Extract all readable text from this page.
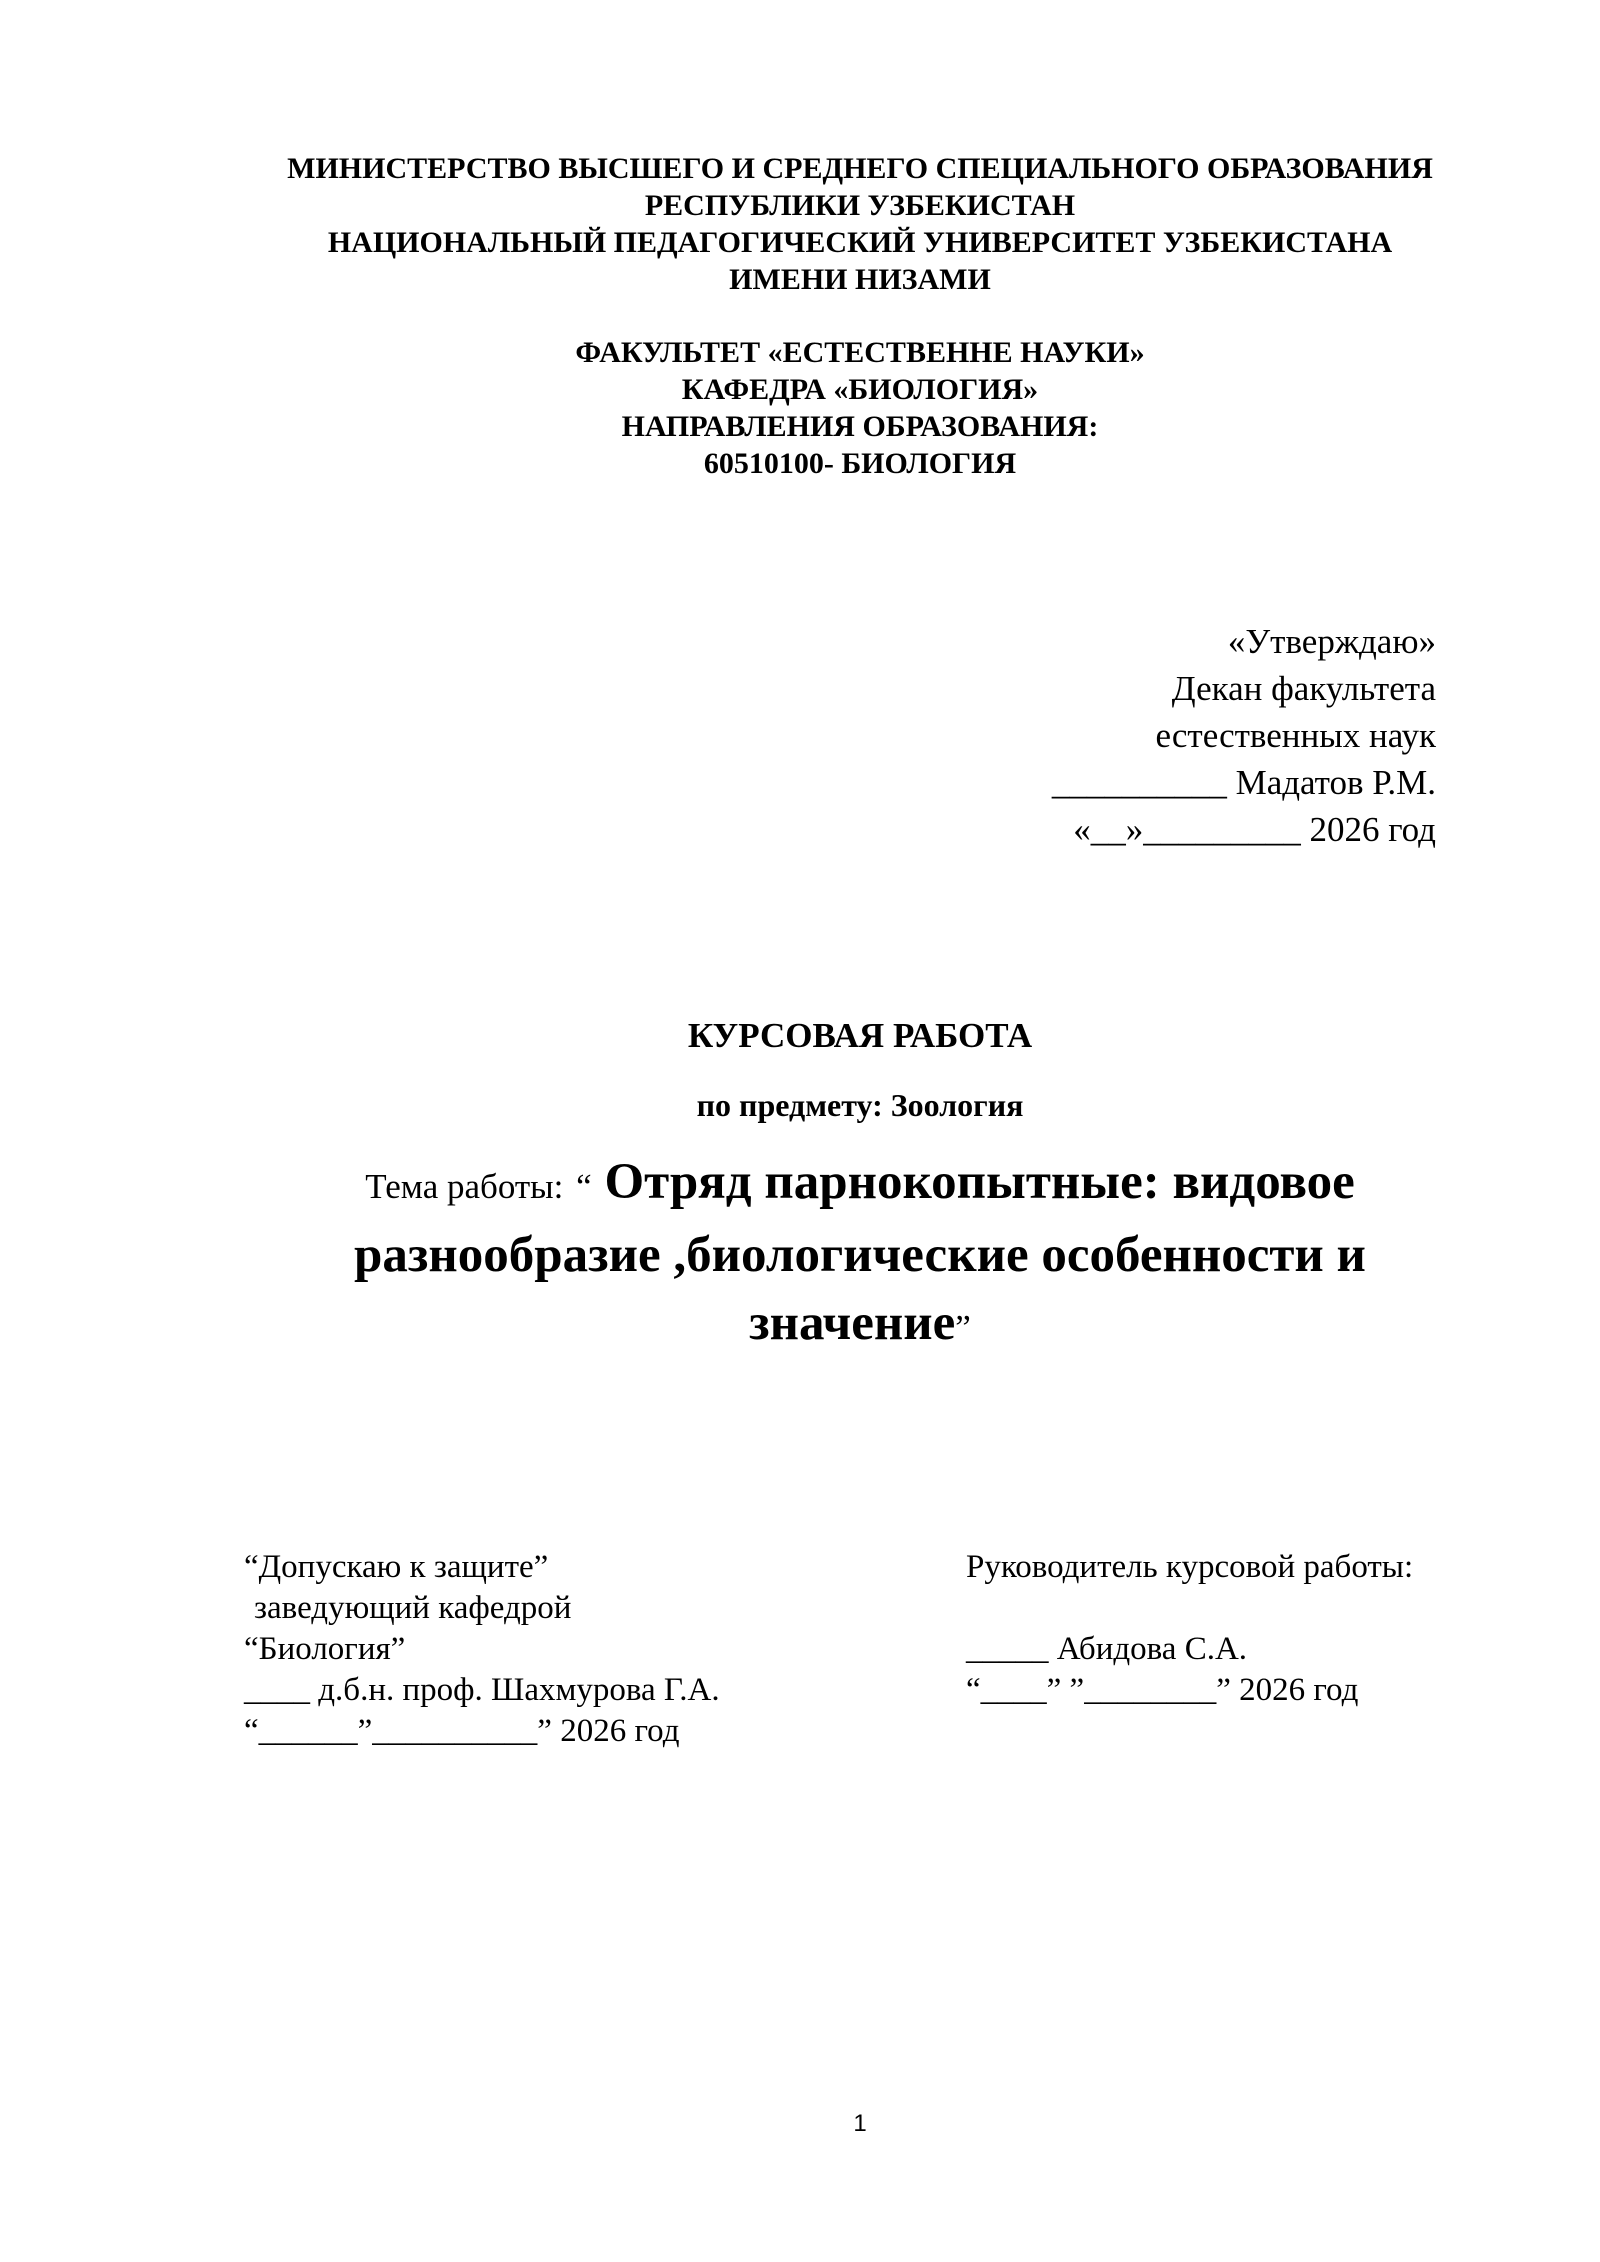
МИНИСТЕРСТВО ВЫСШЕГО И СРЕДНЕГО СПЕЦИАЛЬНОГО ОБРАЗОВАНИЯ
РЕСПУБЛИКИ УЗБЕКИСТАН
НАЦИОНАЛЬНЫЙ ПЕДАГОГИЧЕСКИЙ УНИВЕРСИТЕТ УЗБЕКИСТАНА
ИМЕНИ НИЗАМИ
ФАКУЛЬТЕТ «ЕСТЕСТВЕННЕ НАУКИ»
КАФЕДРА «БИОЛОГИЯ»
НАПРАВЛЕНИЯ ОБРАЗОВАНИЯ:
60510100- БИОЛОГИЯ
«Утверждаю»
Декан факультета
естественных наук
__________ Мадатов Р.М.
«__»_________ 2026 год
КУРСОВАЯ РАБОТА
по предмету: Зоология
Тема работы: “ Отряд парнокопытные: видовое разнообразие ,биологические особенности и значение”
“Допускаю к защите”
заведующий кафедрой
“Биология”
____ д.б.н. проф. Шахмурова Г.А.
“______”__________” 2026 год
Руководитель курсовой работы:
_____ Абидова С.А.
“____” ”________” 2026 год
1
